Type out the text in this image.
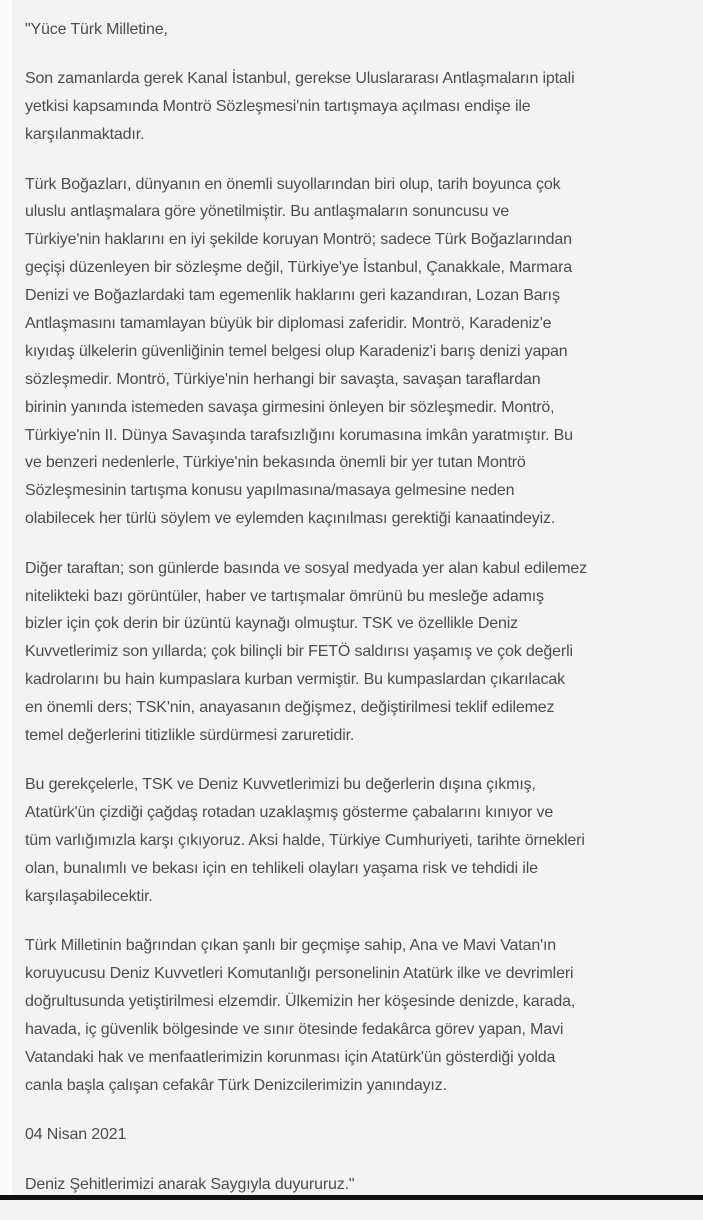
"Yüce Türk Milletine,
Son zamanlarda gerek Kanal İstanbul, gerekse Uluslararası Antlaşmaların iptali
yetkisi kapsamında Montrö Sözleşmesi'nin tartışmaya açılması endişe ile
karşılanmaktadır.
Türk Boğazları, dünyanın en önemli suyollarından biri olup, tarih boyunca çok
uluslu antlaşmalara göre yönetilmiştir. Bu antlaşmaların sonuncusu ve
Türkiye'nin haklarını en iyi şekilde koruyan Montrö; sadece Türk Boğazlarından
geçişi düzenleyen bir sözleşme değil, Türkiye'ye İstanbul, Çanakkale, Marmara
Denizi ve Boğazlardaki tam egemenlik haklarını geri kazandıran, Lozan Barış
Antlaşmasını tamamlayan büyük bir diplomasi zaferidir. Montrö, Karadeniz'e
kıyıdaş ülkelerin güvenliğinin temel belgesi olup Karadeniz'i barış denizi yapan
sözleşmedir. Montrö, Türkiye'nin herhangi bir savaşta, savaşan taraflardan
birinin yanında istemeden savaşa girmesini önleyen bir sözleşmedir. Montrö,
Türkiye'nin II. Dünya Savaşında tarafsızlığını korumasına imkân yaratmıştır. Bu
ve benzeri nedenlerle, Türkiye'nin bekasında önemli bir yer tutan Montrö
Sözleşmesinin tartışma konusu yapılmasına/masaya gelmesine neden
olabilecek her türlü söylem ve eylemden kaçınılması gerektiği kanaatindeyiz.
Diğer taraftan; son günlerde basında ve sosyal medyada yer alan kabul edilemez
nitelikteki bazı görüntüler, haber ve tartışmalar ömrünü bu mesleğe adamış
bizler için çok derin bir üzüntü kaynağı olmuştur. TSK ve özellikle Deniz
Kuvvetlerimiz son yıllarda; çok bilinçli bir FETÖ saldırısı yaşamış ve çok değerli
kadrolarını bu hain kumpaslara kurban vermiştir. Bu kumpaslardan çıkarılacak
en önemli ders; TSK'nin, anayasanın değişmez, değiştirilmesi teklif edilemez
temel değerlerini titizlikle sürdürmesi zaruretidir.
Bu gerekçelerle, TSK ve Deniz Kuvvetlerimizi bu değerlerin dışına çıkmış,
Atatürk'ün çizdiği çağdaş rotadan uzaklaşmış gösterme çabalarını kınıyor ve
tüm varlığımızla karşı çıkıyoruz. Aksi halde, Türkiye Cumhuriyeti, tarihte örnekleri
olan, bunalımlı ve bekası için en tehlikeli olayları yaşama risk ve tehdidi ile
karşılaşabilecektir.
Türk Milletinin bağrından çıkan şanlı bir geçmişe sahip, Ana ve Mavi Vatan'ın
koruyucusu Deniz Kuvvetleri Komutanlığı personelinin Atatürk ilke ve devrimleri
doğrultusunda yetiştirilmesi elzemdir. Ülkemizin her köşesinde denizde, karada,
havada, iç güvenlik bölgesinde ve sınır ötesinde fedakârca görev yapan, Mavi
Vatandaki hak ve menfaatlerimizin korunması için Atatürk'ün gösterdiği yolda
canla başla çalışan cefakâr Türk Denizcilerimizin yanındayız.
04 Nisan 2021
Deniz Şehitlerimizi anarak Saygıyla duyururuz."
